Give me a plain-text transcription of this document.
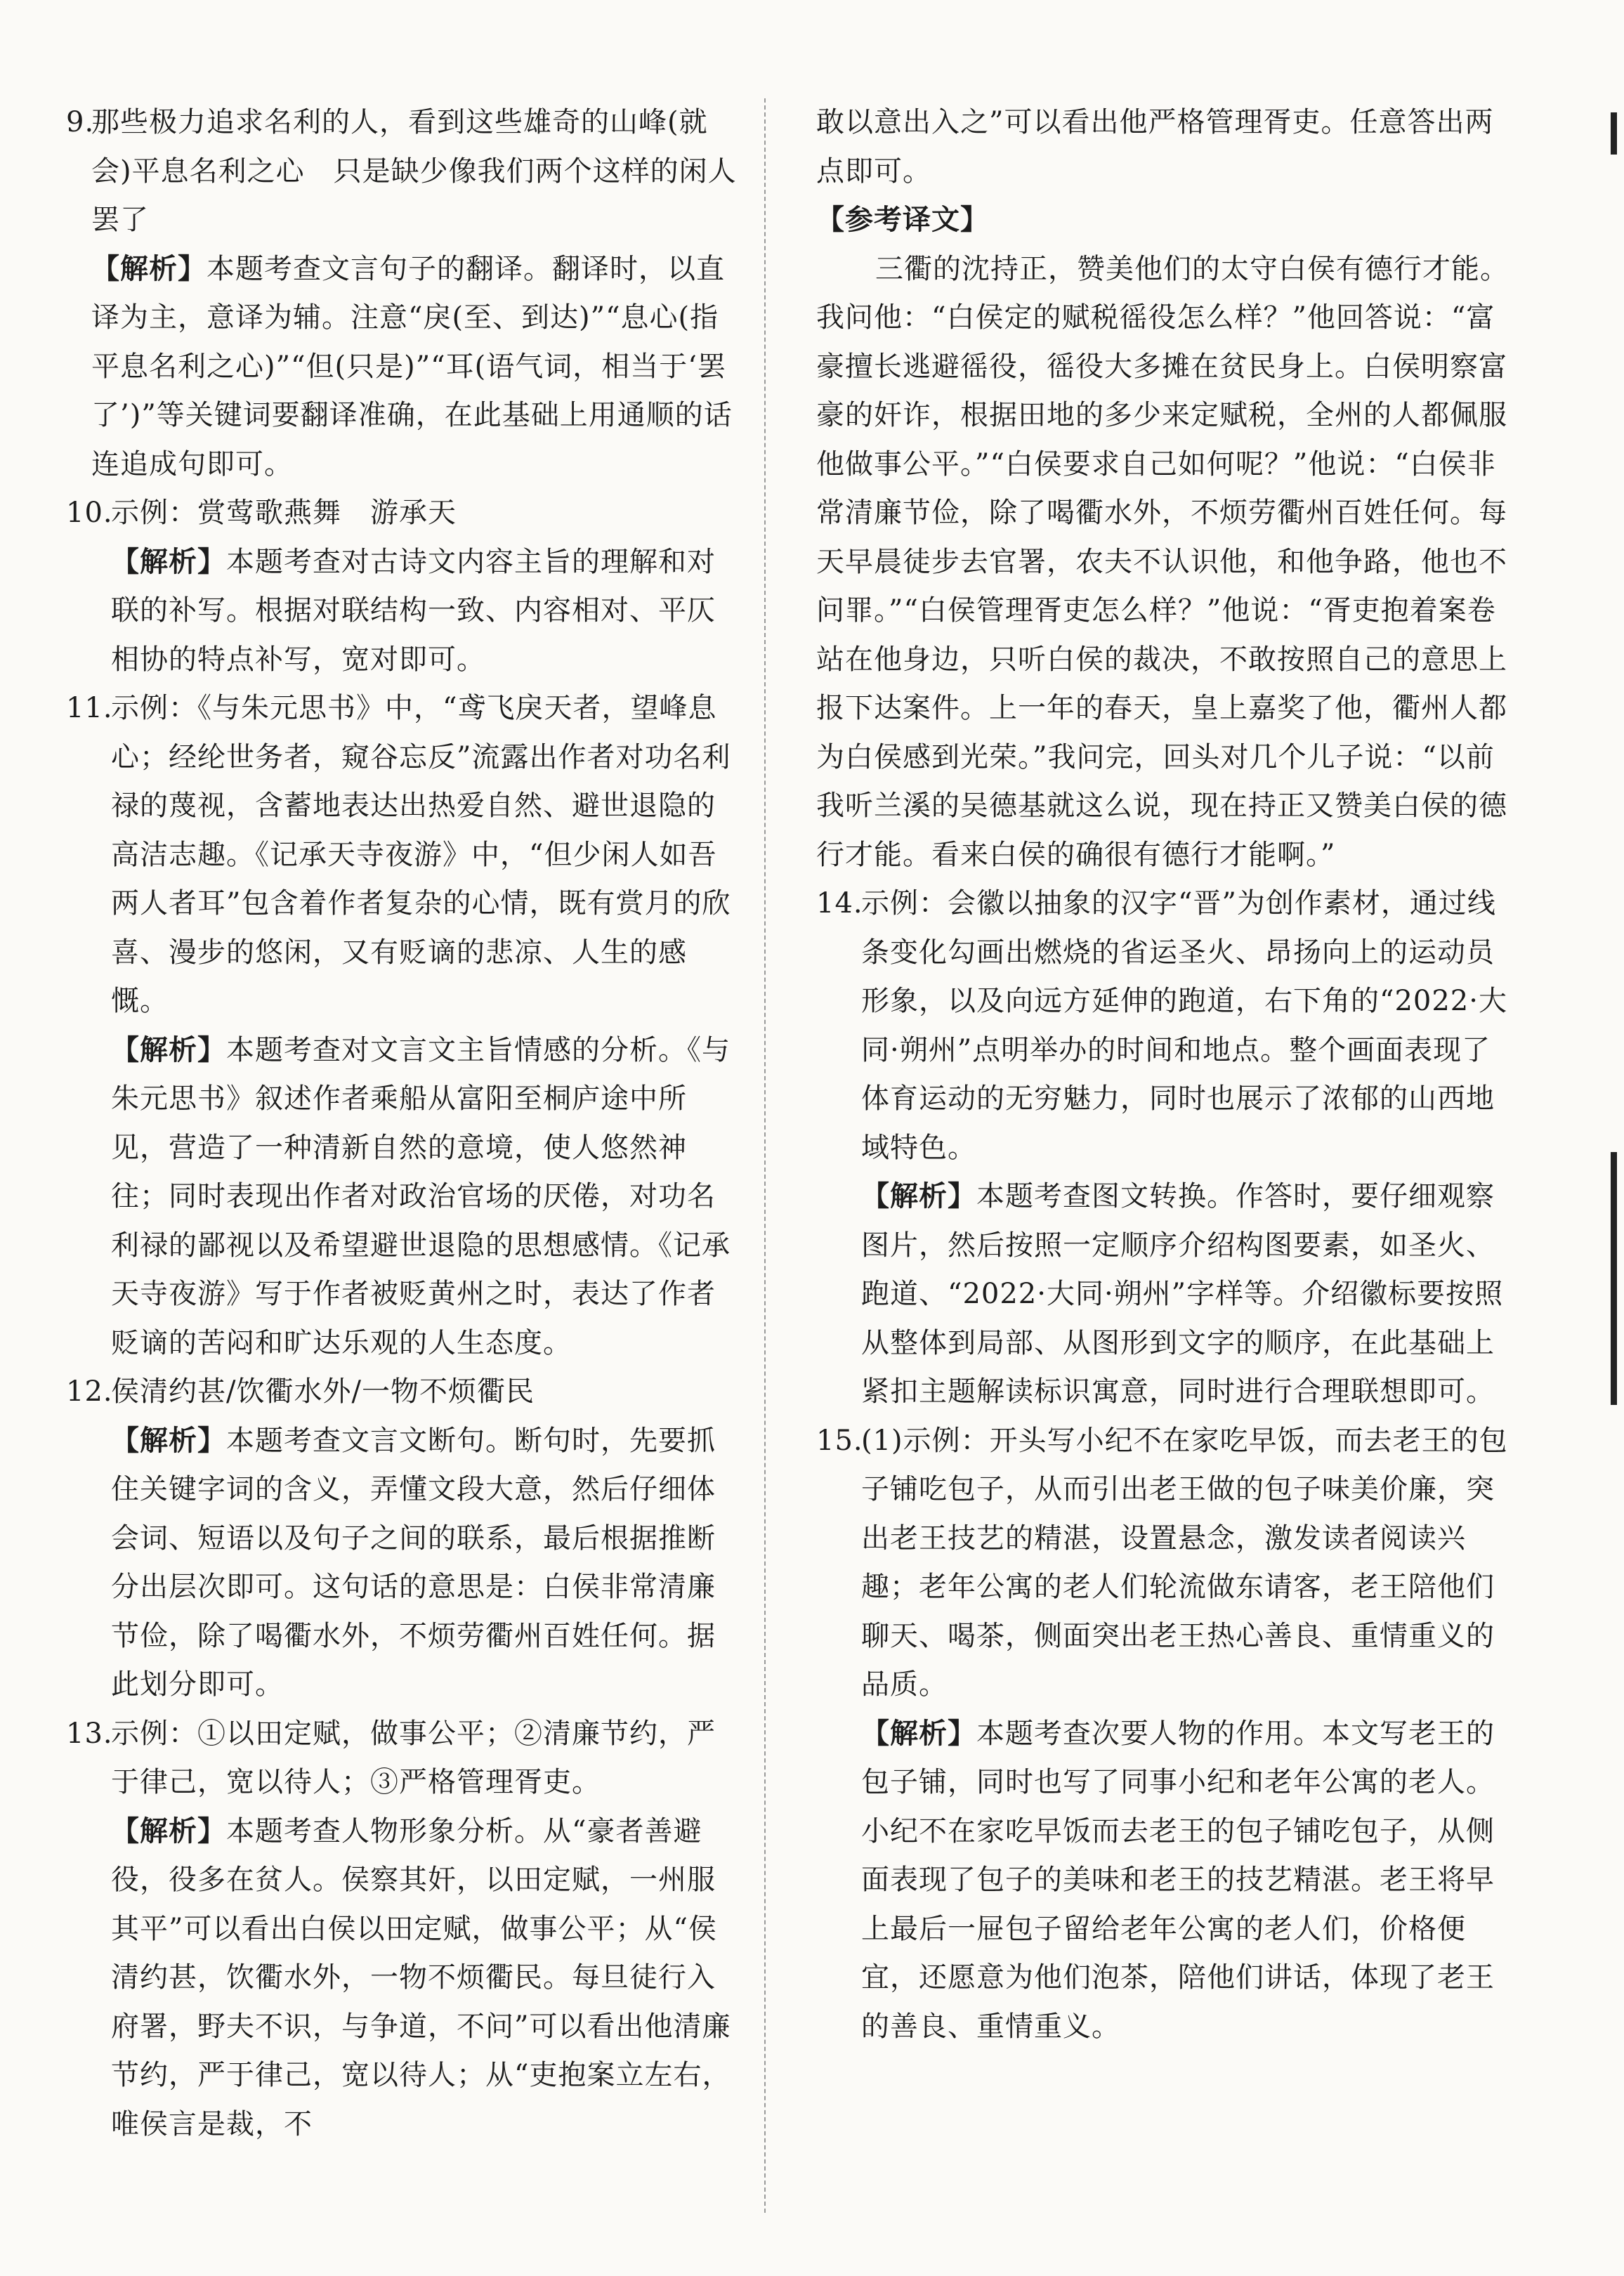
9.
那些极力追求名利的人，看到这些雄奇的山峰(就会)平息名利之心　只是缺少像我们两个这样的闲人罢了

【解析】本题考查文言句子的翻译。翻译时，以直译为主，意译为辅。注意“戾(至、到达)”“息心(指平息名利之心)”“但(只是)”“耳(语气词，相当于‘罢了’)”等关键词要翻译准确，在此基础上用通顺的话连追成句即可。

10.
示例：赏莺歌燕舞　游承天

【解析】本题考查对古诗文内容主旨的理解和对联的补写。根据对联结构一致、内容相对、平仄相协的特点补写，宽对即可。

11.
示例：《与朱元思书》中，“鸢飞戾天者，望峰息心；经纶世务者，窥谷忘反”流露出作者对功名利禄的蔑视，含蓄地表达出热爱自然、避世退隐的高洁志趣。《记承天寺夜游》中，“但少闲人如吾两人者耳”包含着作者复杂的心情，既有赏月的欣喜、漫步的悠闲，又有贬谪的悲凉、人生的感慨。

【解析】本题考查对文言文主旨情感的分析。《与朱元思书》叙述作者乘船从富阳至桐庐途中所见，营造了一种清新自然的意境，使人悠然神往；同时表现出作者对政治官场的厌倦，对功名利禄的鄙视以及希望避世退隐的思想感情。《记承天寺夜游》写于作者被贬黄州之时，表达了作者贬谪的苦闷和旷达乐观的人生态度。

12.
侯清约甚/饮衢水外/一物不烦衢民

【解析】本题考查文言文断句。断句时，先要抓住关键字词的含义，弄懂文段大意，然后仔细体会词、短语以及句子之间的联系，最后根据推断分出层次即可。这句话的意思是：白侯非常清廉节俭，除了喝衢水外，不烦劳衢州百姓任何。据此划分即可。

13.
示例：①以田定赋，做事公平；②清廉节约，严于律己，宽以待人；③严格管理胥吏。

【解析】本题考查人物形象分析。从“豪者善避役，役多在贫人。侯察其奸，以田定赋，一州服其平”可以看出白侯以田定赋，做事公平；从“侯清约甚，饮衢水外，一物不烦衢民。每旦徒行入府署，野夫不识，与争道，不问”可以看出他清廉节约，严于律己，宽以待人；从“吏抱案立左右，唯侯言是裁，不

敢以意出入之”可以看出他严格管理胥吏。任意答出两点即可。

【参考译文】

三衢的沈持正，赞美他们的太守白侯有德行才能。我问他：“白侯定的赋税徭役怎么样？”他回答说：“富豪擅长逃避徭役，徭役大多摊在贫民身上。白侯明察富豪的奸诈，根据田地的多少来定赋税，全州的人都佩服他做事公平。”“白侯要求自己如何呢？”他说：“白侯非常清廉节俭，除了喝衢水外，不烦劳衢州百姓任何。每天早晨徒步去官署，农夫不认识他，和他争路，他也不问罪。”“白侯管理胥吏怎么样？”他说：“胥吏抱着案卷站在他身边，只听白侯的裁决，不敢按照自己的意思上报下达案件。上一年的春天，皇上嘉奖了他，衢州人都为白侯感到光荣。”我问完，回头对几个儿子说：“以前我听兰溪的吴德基就这么说，现在持正又赞美白侯的德行才能。看来白侯的确很有德行才能啊。”

14.
示例：会徽以抽象的汉字“晋”为创作素材，通过线条变化勾画出燃烧的省运圣火、昂扬向上的运动员形象，以及向远方延伸的跑道，右下角的“2022·大同·朔州”点明举办的时间和地点。整个画面表现了体育运动的无穷魅力，同时也展示了浓郁的山西地域特色。

【解析】本题考查图文转换。作答时，要仔细观察图片，然后按照一定顺序介绍构图要素，如圣火、跑道、“2022·大同·朔州”字样等。介绍徽标要按照从整体到局部、从图形到文字的顺序，在此基础上紧扣主题解读标识寓意，同时进行合理联想即可。

15.
(1)示例：开头写小纪不在家吃早饭，而去老王的包子铺吃包子，从而引出老王做的包子味美价廉，突出老王技艺的精湛，设置悬念，激发读者阅读兴趣；老年公寓的老人们轮流做东请客，老王陪他们聊天、喝茶，侧面突出老王热心善良、重情重义的品质。

【解析】本题考查次要人物的作用。本文写老王的包子铺，同时也写了同事小纪和老年公寓的老人。小纪不在家吃早饭而去老王的包子铺吃包子，从侧面表现了包子的美味和老王的技艺精湛。老王将早上最后一屉包子留给老年公寓的老人们，价格便宜，还愿意为他们泡茶，陪他们讲话，体现了老王的善良、重情重义。
